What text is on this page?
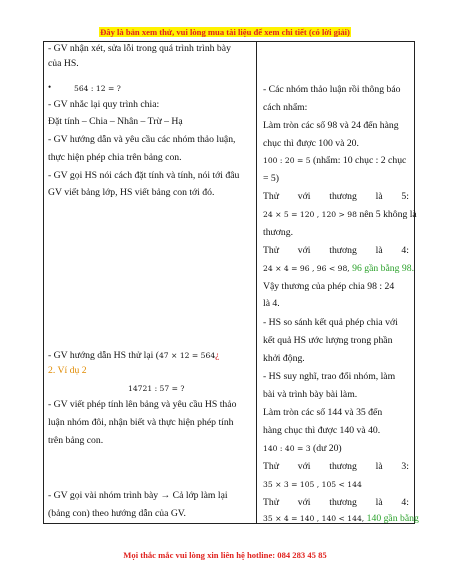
Đây là bản xem thử, vui lòng mua tài liệu để xem chi tiết (có lời giải)
- GV nhận xét, sửa lỗi trong quá trình trình bày
của HS.
•	564 : 12 = ?
- GV nhắc lại quy trình chia:
Đặt tính – Chia – Nhân – Trừ – Hạ
- GV hướng dẫn và yêu cầu các nhóm thảo luận,
thực hiện phép chia trên bảng con.
- GV gọi HS nói cách đặt tính và tính, nói tới đâu
GV viết bảng lớp, HS viết bảng con tới đó.
- GV hướng dẫn HS thử lại (47 × 12 = 564¿
2. Ví dụ 2
14721 : 57 = ?
- GV viết phép tính lên bảng và yêu cầu HS thảo
luận nhóm đôi, nhận biết và thực hiện phép tính
trên bảng con.
- GV gọi vài nhóm trình bày → Cả lớp làm lại
(bảng con) theo hướng dẫn của GV.
- Các nhóm thảo luận rồi thông báo
cách nhẩm:
Làm tròn các số 98 và 24 đến hàng
chục thì được 100 và 20.
100 : 20 = 5 (nhẩm: 10 chục : 2 chục
= 5)
Thử với thương là 5:
24 × 5 = 120 , 120 > 98 nên 5 không là
thương.
Thử với thương là 4:
24 × 4 = 96 , 96 < 98, 96 gần bằng 98.
Vậy thương của phép chia 98 : 24
là 4.
- HS so sánh kết quả phép chia với
kết quả HS ước lượng trong phần
khởi động.
- HS suy nghĩ, trao đổi nhóm, làm
bài và trình bày bài làm.
Làm tròn các số 144 và 35 đến
hàng chục thì được 140 và 40.
140 : 40 = 3 (dư 20)
Thử với thương là 3:
35 × 3 = 105 , 105 < 144
Thử với thương là 4:
35 × 4 = 140 , 140 < 144, 140 gần bằng
Mọi thắc mắc vui lòng xin liên hệ hotline: 084 283 45 85
